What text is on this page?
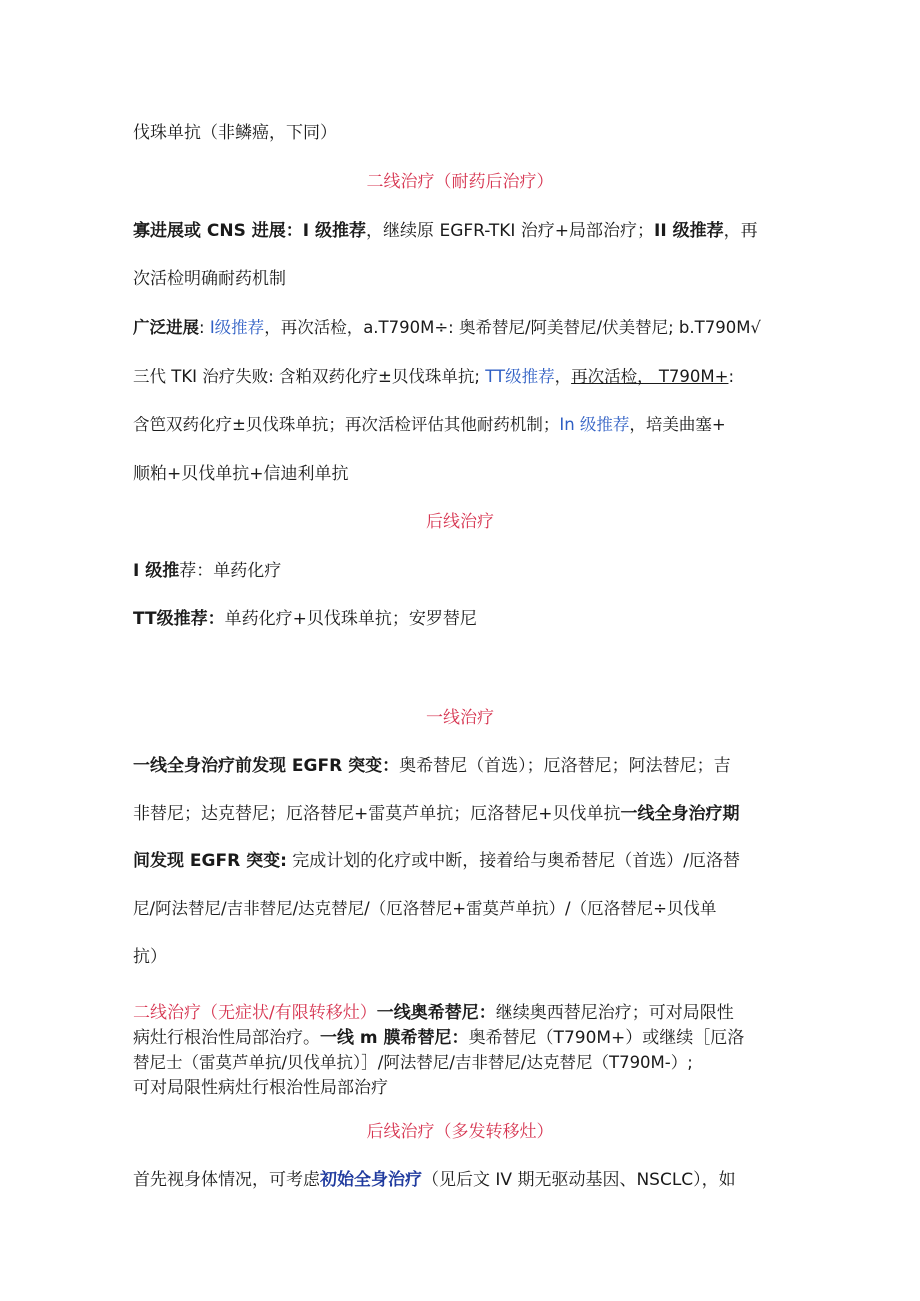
伐珠单抗（非鳞癌，下同）
二线治疗（耐药后治疗）
寡进展或 CNS 进展：I 级推荐，继续原 EGFR-TKI 治疗+局部治疗；II 级推荐，再
次活检明确耐药机制
广泛进展: I级推荐，再次活检，a.T790M÷: 奥希替尼/阿美替尼/伏美替尼; b.T790M√
三代 TKI 治疗失败: 含粕双药化疗±贝伐珠单抗; TT级推荐，再次活检， T790M+:
含笆双药化疗±贝伐珠单抗；再次活检评估其他耐药机制；In 级推荐，培美曲塞+
顺粕+贝伐单抗+信迪利单抗
后线治疗
I 级推荐：单药化疗
TT级推荐：单药化疗+贝伐珠单抗；安罗替尼
一线治疗
一线全身治疗前发现 EGFR 突变：奥希替尼（首选）；厄洛替尼；阿法替尼；吉
非替尼；达克替尼；厄洛替尼+雷莫芦单抗；厄洛替尼+贝伐单抗一线全身治疗期
间发现 EGFR 突变: 完成计划的化疗或中断，接着给与奥希替尼（首选）/厄洛替
尼/阿法替尼/吉非替尼/达克替尼/（厄洛替尼+雷莫芦单抗）/（厄洛替尼÷贝伐单
抗）
二线治疗（无症状/有限转移灶）一线奥希替尼：继续奥西替尼治疗；可对局限性
病灶行根治性局部治疗。一线 m 膜希替尼：奥希替尼（T790M+）或继续［厄洛
替尼士（雷莫芦单抗/贝伐单抗）］/阿法替尼/吉非替尼/达克替尼（T790M-）;
可对局限性病灶行根治性局部治疗
后线治疗（多发转移灶）
首先视身体情况，可考虑初始全身治疗（见后文 IV 期无驱动基因、NSCLC），如
